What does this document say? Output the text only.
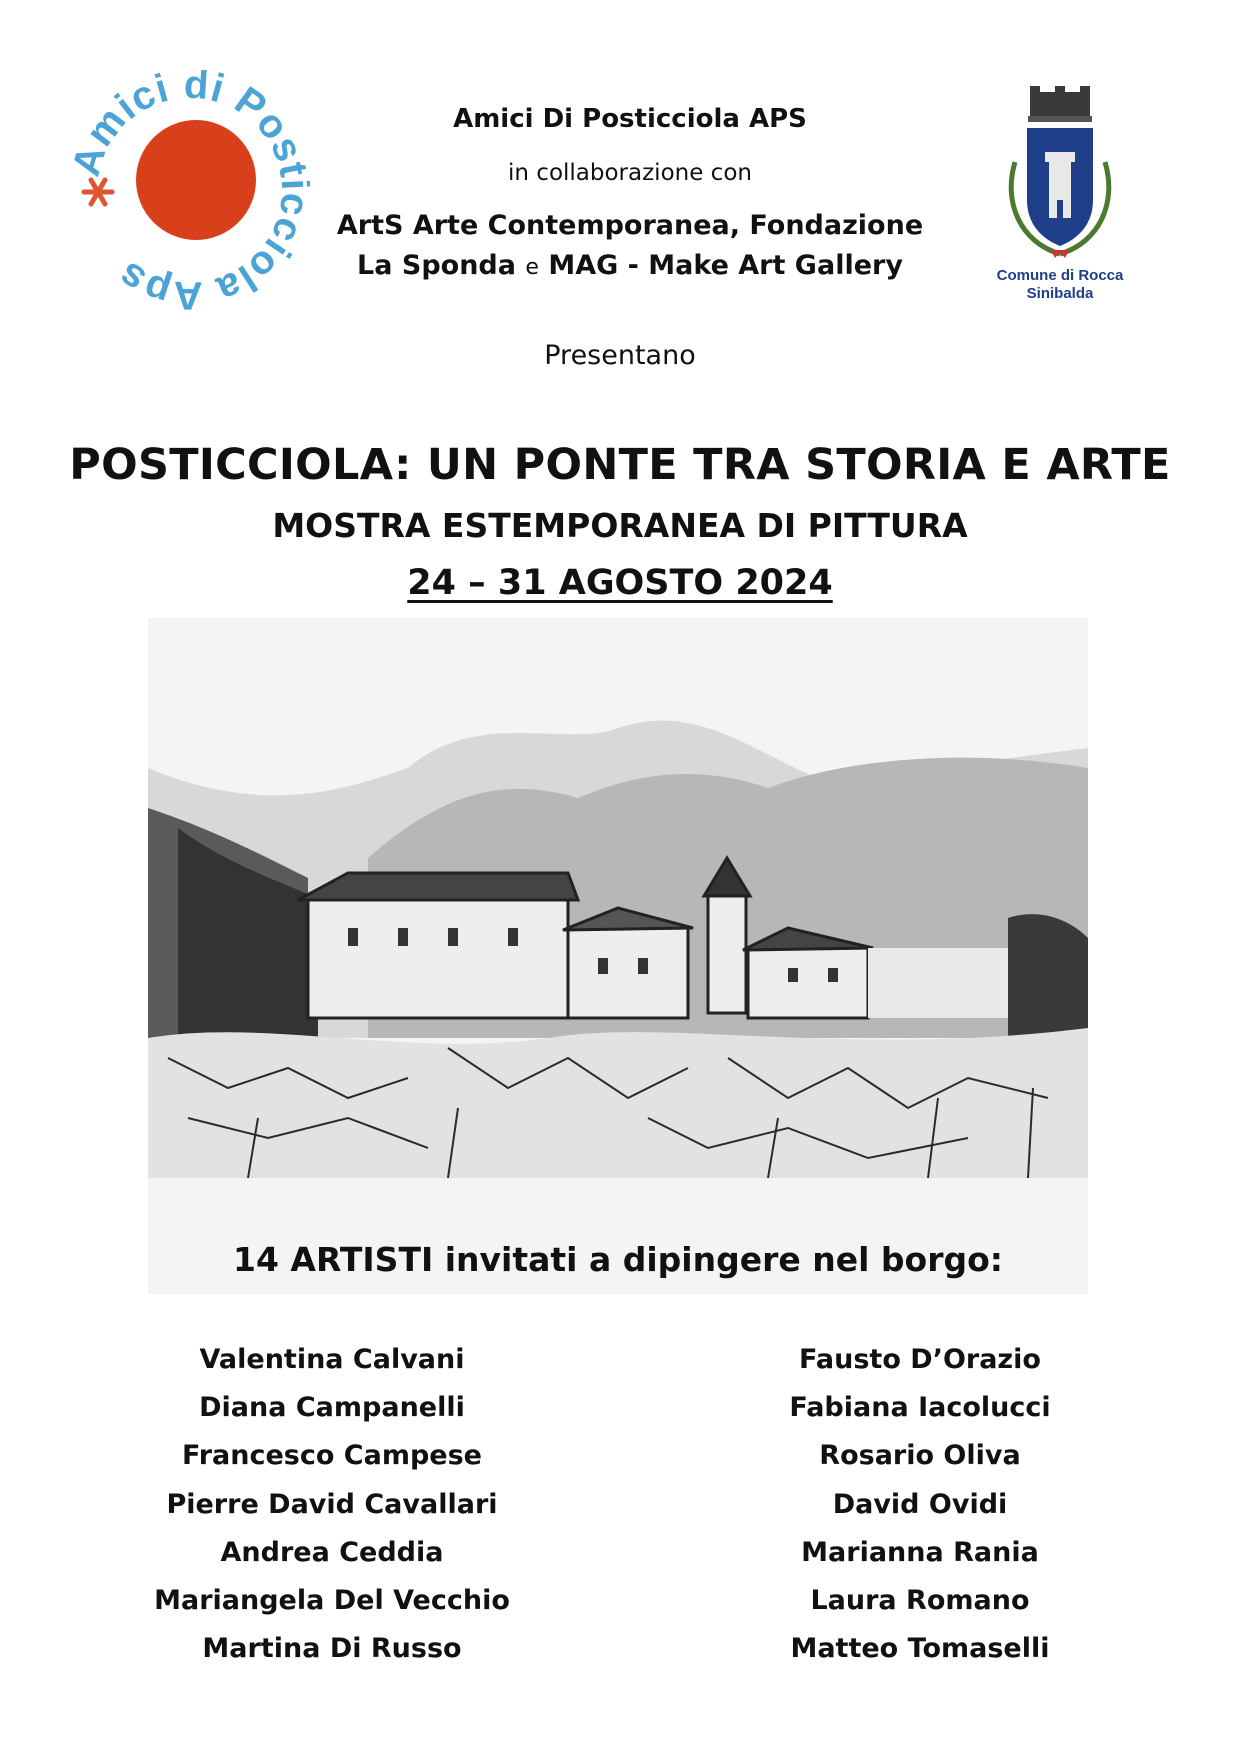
mici di Pos ciola Aps
Amici Di Posticciola APS
in collaborazione con
ArtS Arte Contemporanea, Fondazione
La Sponda e MAG - Make Art Gallery	Comune di Rocca
Sinibalda
Presentano
POSTICCIOLA: UN PONTE TRA STORIA E ARTE
MOSTRA ESTEMPORANEA DI PITTURA
24 – 31 AGOSTO 2024
14 ARTISTI invitati a dipingere nel borgo:
Valentina Calvani
Diana Campanelli
Francesco Campese
Pierre David Cavallari
Andrea Ceddia
Mariangela Del Vecchio
Martina Di Russo
Fausto D’Orazio
Fabiana Iacolucci
Rosario Oliva
David Ovidi
Marianna Rania
Laura Romano
Matteo Tomaselli
